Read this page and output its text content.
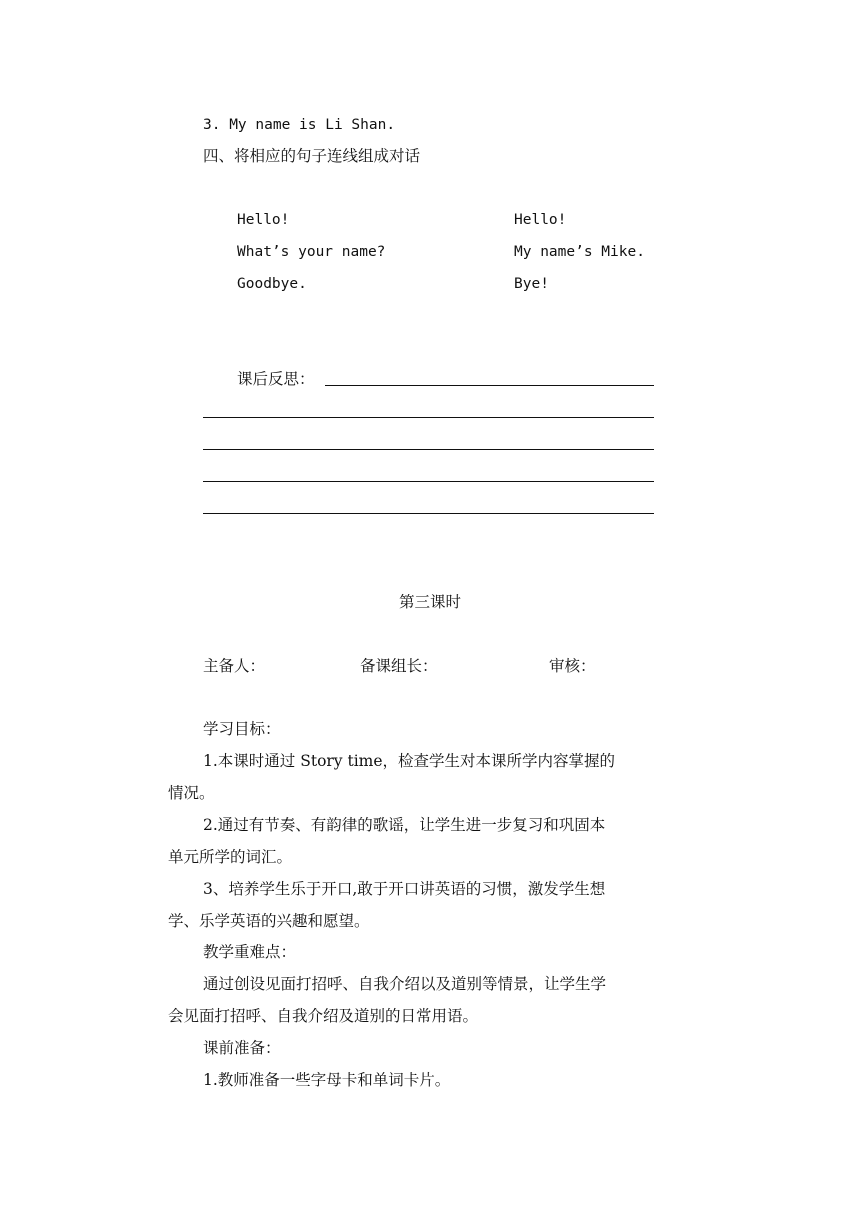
3. My name is Li Shan.
四、将相应的句子连线组成对话
Hello!
What’s your name?
Goodbye.
Hello!
My name’s Mike.
Bye!
课后反思：
第三课时
主备人：	备课组长：	审核：
学习目标：
1.本课时通过 Story time，检查学生对本课所学内容掌握的
情况。
2.通过有节奏、有韵律的歌谣，让学生进一步复习和巩固本
单元所学的词汇。
3、培养学生乐于开口,敢于开口讲英语的习惯，激发学生想
学、乐学英语的兴趣和愿望。
教学重难点：
通过创设见面打招呼、自我介绍以及道别等情景，让学生学
会见面打招呼、自我介绍及道别的日常用语。
课前准备：
1.教师准备一些字母卡和单词卡片。
